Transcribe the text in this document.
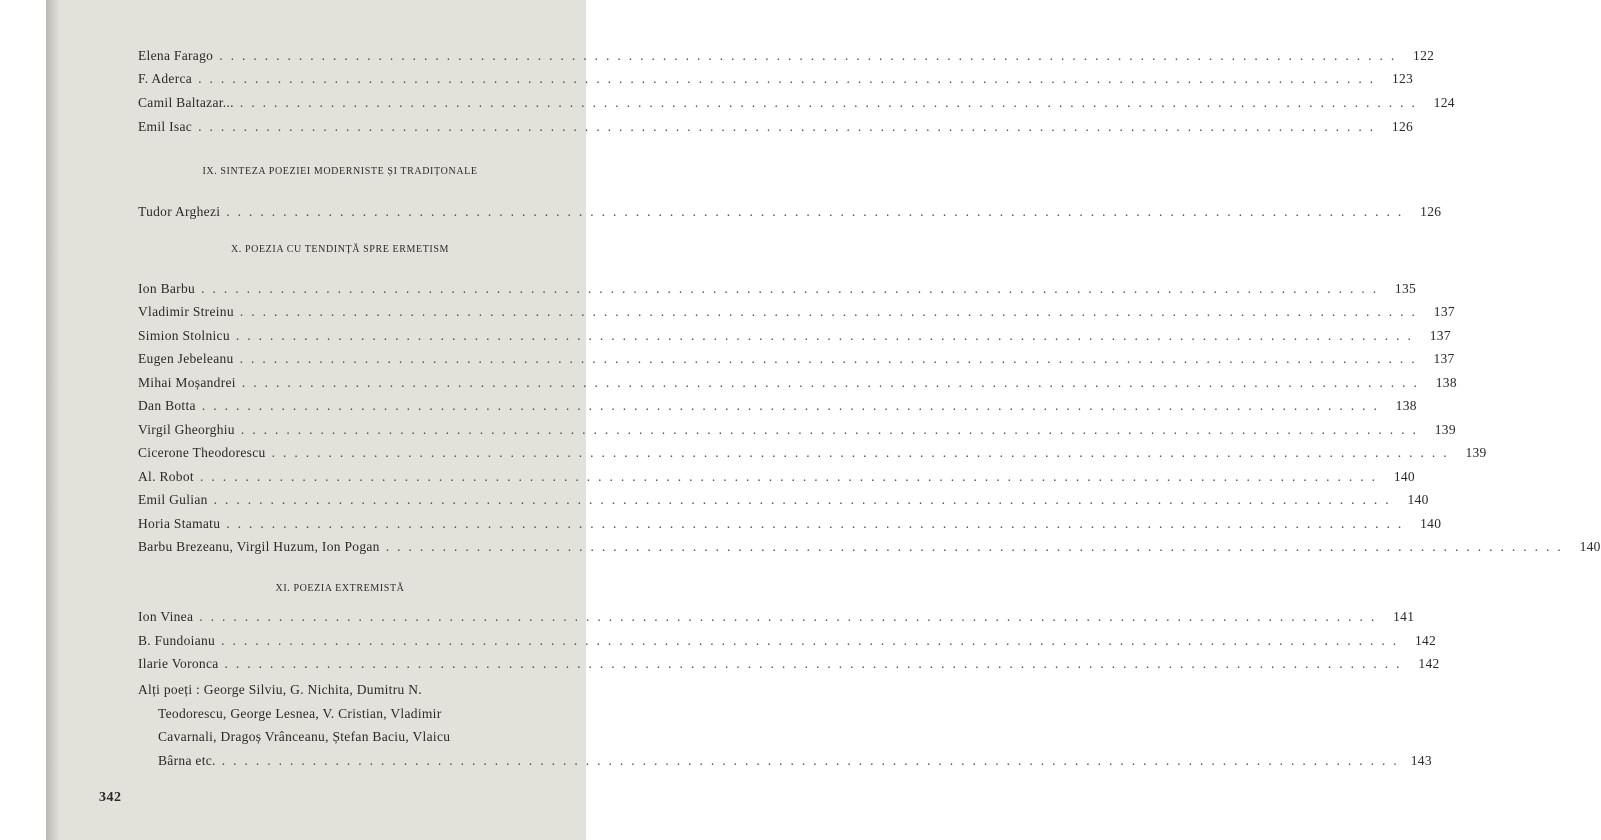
Elena Farago ........................................................................................................ 122
F. Aderca ........................................................................................................ 123
Camil Baltazar... ........................................................................................................ 124
Emil Isac ........................................................................................................ 126
IX. SINTEZA POEZIEI MODERNISTE ȘI TRADIȚONALE
Tudor Arghezi ........................................................................................................ 126
X. POEZIA CU TENDINȚĂ SPRE ERMETISM
Ion Barbu ........................................................................................................ 135
Vladimir Streinu ........................................................................................................ 137
Simion Stolnicu ........................................................................................................ 137
Eugen Jebeleanu ........................................................................................................ 137
Mihai Moșandrei ........................................................................................................ 138
Dan Botta ........................................................................................................ 138
Virgil Gheorghiu ........................................................................................................ 139
Cicerone Theodorescu ........................................................................................................ 139
Al. Robot ........................................................................................................ 140
Emil Gulian ........................................................................................................ 140
Horia Stamatu ........................................................................................................ 140
Barbu Brezeanu, Virgil Huzum, Ion Pogan ........................................................................................................ 140
XI. POEZIA EXTREMISTĂ
Ion Vinea ........................................................................................................ 141
B. Fundoianu ........................................................................................................ 142
Ilarie Voronca ........................................................................................................ 142
Alți poeți : George Silviu, G. Nichita, Dumitru N.
Teodorescu, George Lesnea, V. Cristian, Vladimir
Cavarnali, Dragoș Vrânceanu, Ștefan Baciu, Vlaicu
Bârna etc. ........................................................................................................ 143
342
